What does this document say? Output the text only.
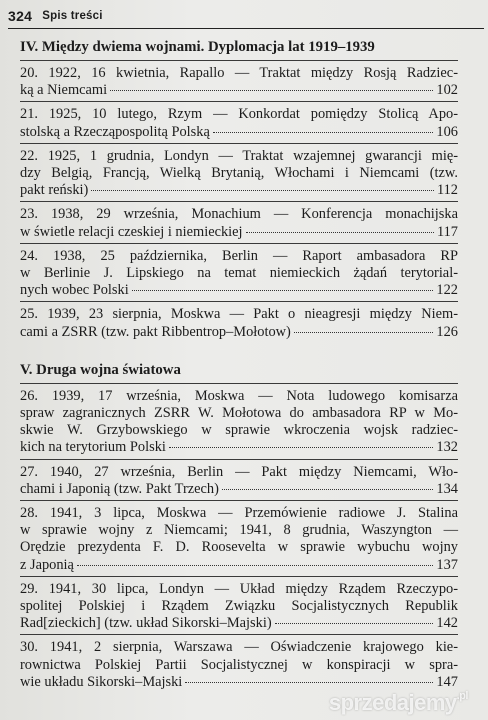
324 Spis treści
IV. Między dwiema wojnami. Dyplomacja lat 1919–1939
20. 1922, 16 kwietnia, Rapallo — Traktat między Rosją Radziec-
ką a Niemcami	102
21. 1925, 10 lutego, Rzym — Konkordat pomiędzy Stolicą Apo-
stolską a Rzecząpospolitą Polską	106
22. 1925, 1 grudnia, Londyn — Traktat wzajemnej gwarancji mię-
dzy Belgią, Francją, Wielką Brytanią, Włochami i Niemcami (tzw.
pakt reński)	112
23. 1938, 29 września, Monachium — Konferencja monachijska
w świetle relacji czeskiej i niemieckiej	117
24. 1938, 25 października, Berlin — Raport ambasadora RP
w Berlinie J. Lipskiego na temat niemieckich żądań terytorial-
nych wobec Polski	122
25. 1939, 23 sierpnia, Moskwa — Pakt o nieagresji między Niem-
cami a ZSRR (tzw. pakt Ribbentrop–Mołotow)	126
V. Druga wojna światowa
26. 1939, 17 września, Moskwa — Nota ludowego komisarza
spraw zagranicznych ZSRR W. Mołotowa do ambasadora RP w Mo-
skwie W. Grzybowskiego w sprawie wkroczenia wojsk radziec-
kich na terytorium Polski	132
27. 1940, 27 września, Berlin — Pakt między Niemcami, Wło-
chami i Japonią (tzw. Pakt Trzech)	134
28. 1941, 3 lipca, Moskwa — Przemówienie radiowe J. Stalina
w sprawie wojny z Niemcami; 1941, 8 grudnia, Waszyngton —
Orędzie prezydenta F. D. Roosevelta w sprawie wybuchu wojny
z Japonią	137
29. 1941, 30 lipca, Londyn — Układ między Rządem Rzeczypo-
spolitej Polskiej i Rządem Związku Socjalistycznych Republik
Rad[zieckich] (tzw. układ Sikorski–Majski)	142
30. 1941, 2 sierpnia, Warszawa — Oświadczenie krajowego kie-
rownictwa Polskiej Partii Socjalistycznej w konspiracji w spra-
wie układu Sikorski–Majski	147
sprzedajemy$^{.pl}$
